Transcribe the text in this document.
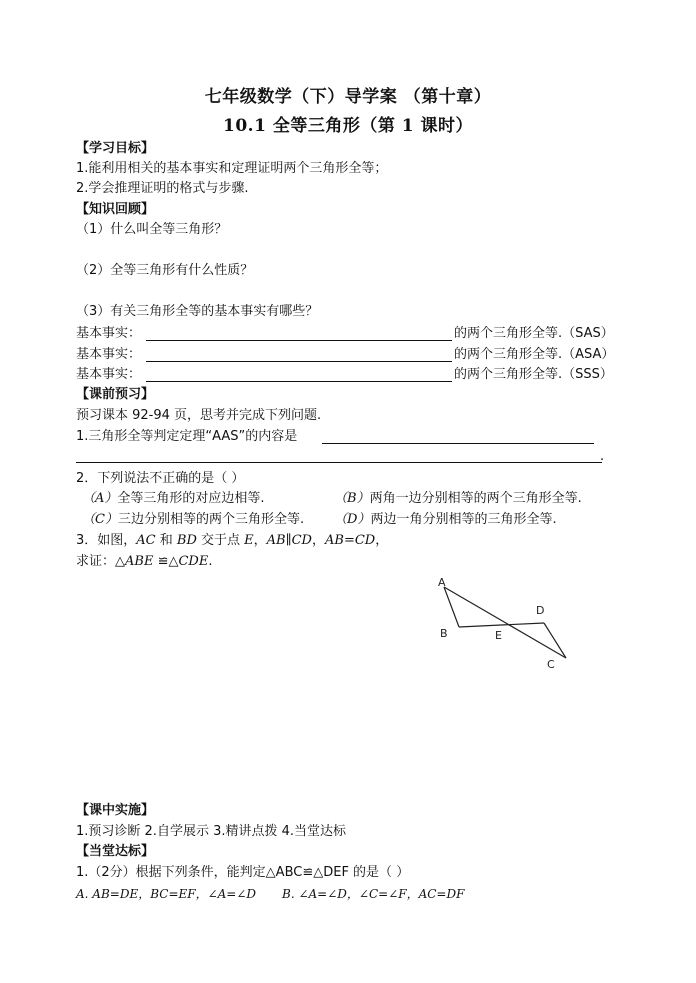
七年级数学（下）导学案 （第十章）
10.1 全等三角形（第 1 课时）
【学习目标】
1.能利用相关的基本事实和定理证明两个三角形全等；
2.学会推理证明的格式与步骤.
【知识回顾】
（1）什么叫全等三角形？
（2）全等三角形有什么性质？
（3）有关三角形全等的基本事实有哪些？
基本事实：	的两个三角形全等.（SAS）
基本事实：	的两个三角形全等.（ASA）
基本事实：	的两个三角形全等.（SSS）
【课前预习】
预习课本 92-94 页，思考并完成下列问题.
1.三角形全等判定定理“AAS”的内容是
.
2．下列说法不正确的是（ ）
（A）全等三角形的对应边相等.	（B）两角一边分别相等的两个三角形全等.
（C）三边分别相等的两个三角形全等. （D）两边一角分别相等的三角形全等.
3．如图，AC 和 BD 交于点 E，AB∥CD，AB=CD，
求证：△ABE ≌△CDE.
A
B	E
D
C
【课中实施】
1.预习诊断 2.自学展示 3.精讲点拨 4.当堂达标
【当堂达标】
1.（2分）根据下列条件，能判定△ABC≌△DEF 的是（ ）
A. AB=DE，BC=EF，∠A=∠D B. ∠A=∠D，∠C=∠F，AC=DF
